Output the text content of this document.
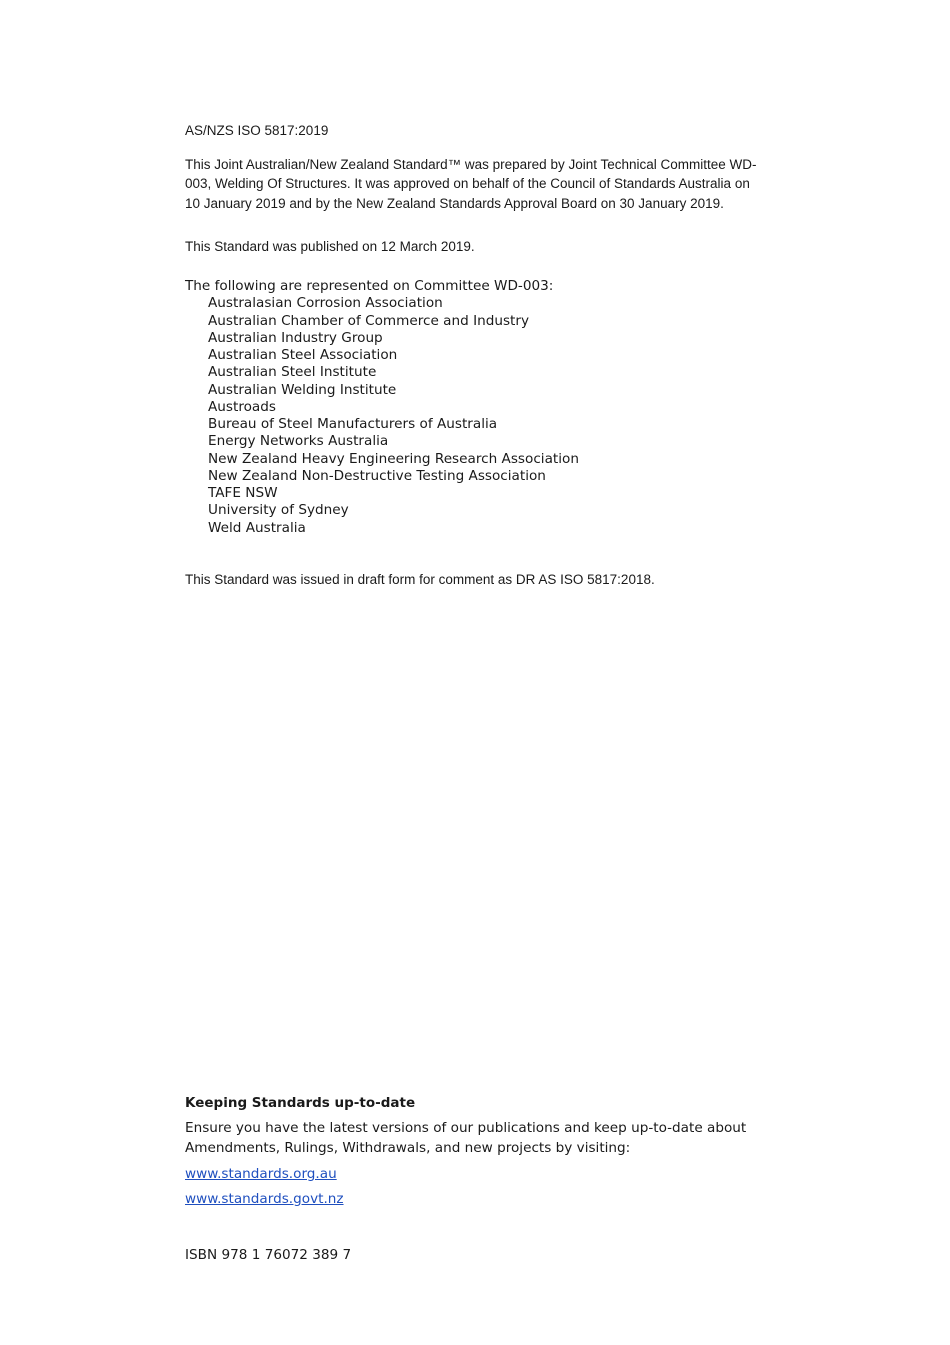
AS/NZS ISO 5817:2019

This Joint Australian/New Zealand Standard™ was prepared by Joint Technical Committee WD-003, Welding Of Structures. It was approved on behalf of the Council of Standards Australia on 10 January 2019 and by the New Zealand Standards Approval Board on 30 January 2019.

This Standard was published on 12 March 2019.

The following are represented on Committee WD-003:
Australasian Corrosion Association
Australian Chamber of Commerce and Industry
Australian Industry Group
Australian Steel Association
Australian Steel Institute
Australian Welding Institute
Austroads
Bureau of Steel Manufacturers of Australia
Energy Networks Australia
New Zealand Heavy Engineering Research Association
New Zealand Non-Destructive Testing Association
TAFE NSW
University of Sydney
Weld Australia

This Standard was issued in draft form for comment as DR AS ISO 5817:2018.

Keeping Standards up-to-date

Ensure you have the latest versions of our publications and keep up-to-date about Amendments, Rulings, Withdrawals, and new projects by visiting:

www.standards.org.au
www.standards.govt.nz

ISBN 978 1 76072 389 7
